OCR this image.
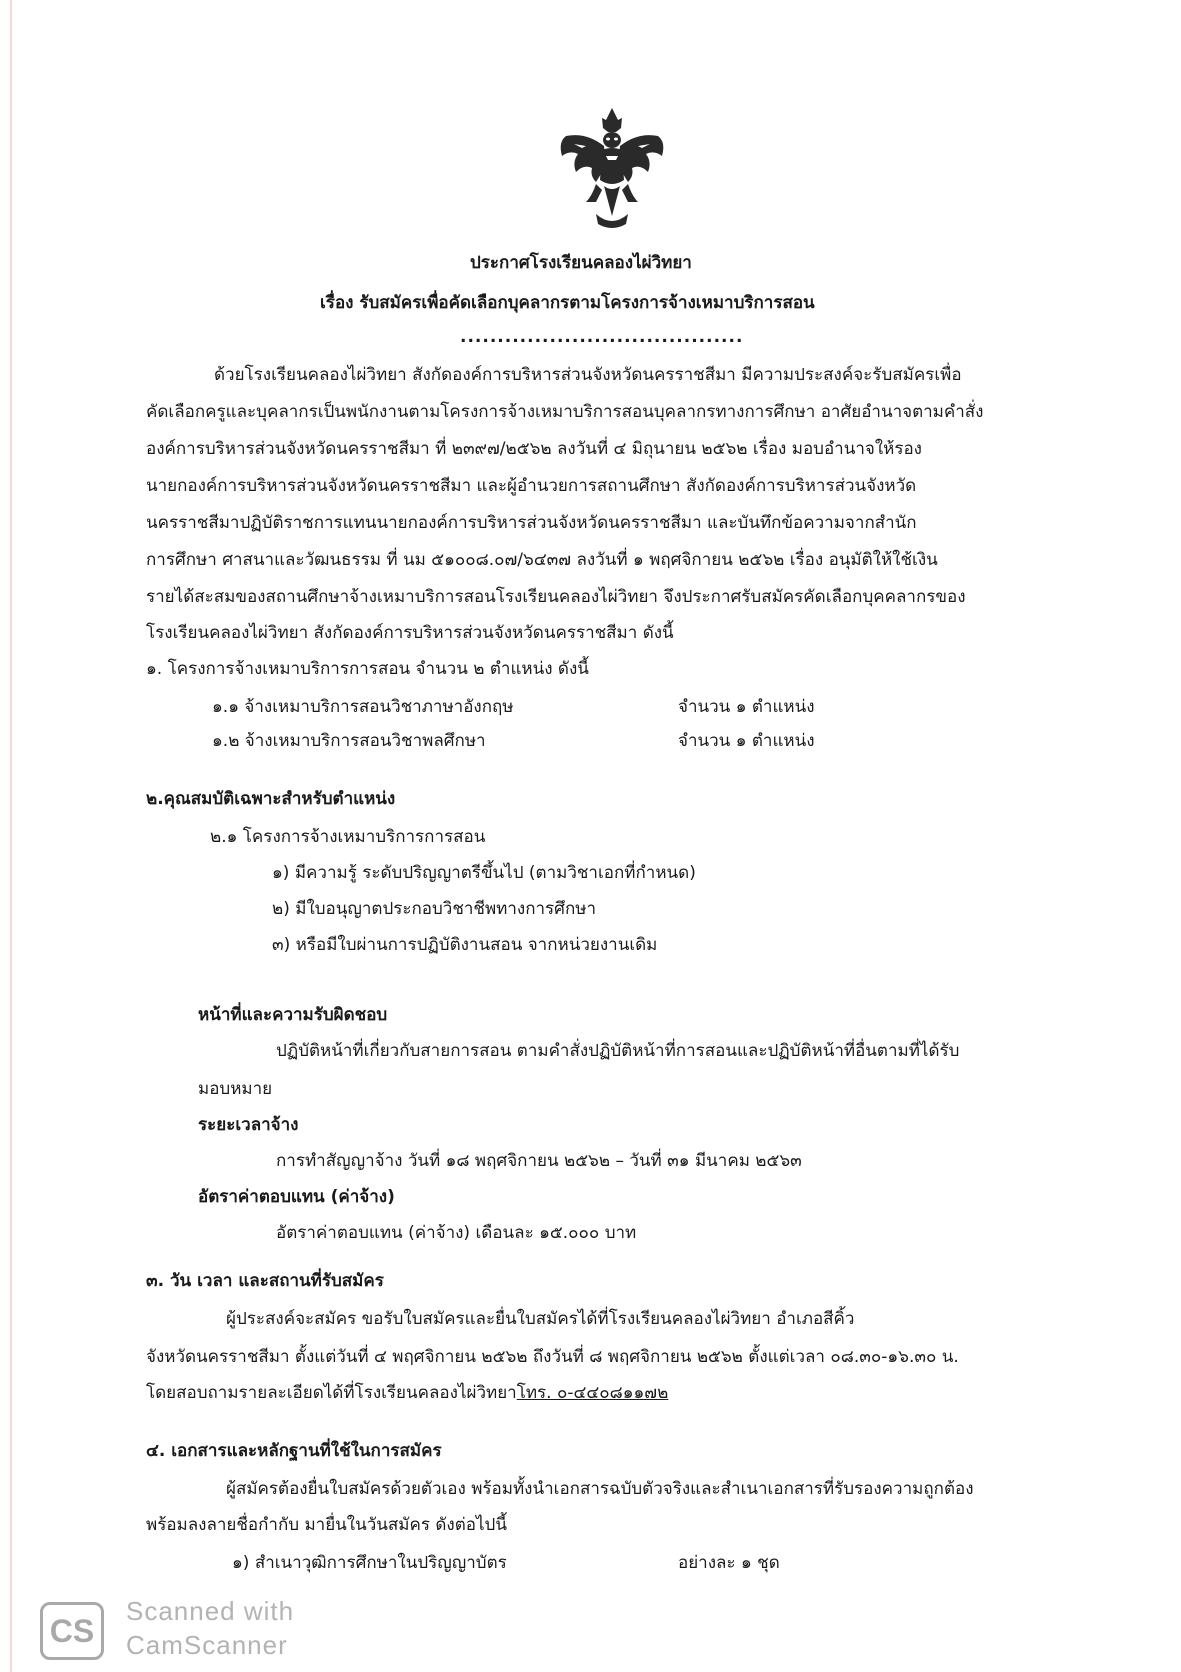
ประกาศโรงเรียนคลองไผ่วิทยา
เรื่อง รับสมัครเพื่อคัดเลือกบุคลากรตามโครงการจ้างเหมาบริการสอน
......................................
ด้วยโรงเรียนคลองไผ่วิทยา สังกัดองค์การบริหารส่วนจังหวัดนครราชสีมา มีความประสงค์จะรับสมัครเพื่อ
คัดเลือกครูและบุคลากรเป็นพนักงานตามโครงการจ้างเหมาบริการสอนบุคลากรทางการศึกษา อาศัยอำนาจตามคำสั่ง
องค์การบริหารส่วนจังหวัดนครราชสีมา ที่ ๒๓๙๗/๒๕๖๒ ลงวันที่ ๔ มิถุนายน ๒๕๖๒ เรื่อง มอบอำนาจให้รอง
นายกองค์การบริหารส่วนจังหวัดนครราชสีมา และผู้อำนวยการสถานศึกษา สังกัดองค์การบริหารส่วนจังหวัด
นครราชสีมาปฏิบัติราชการแทนนายกองค์การบริหารส่วนจังหวัดนครราชสีมา และบันทึกข้อความจากสำนัก
การศึกษา ศาสนาและวัฒนธรรม ที่ นม ๕๑๐๐๘.๐๗/๖๔๓๗ ลงวันที่ ๑ พฤศจิกายน ๒๕๖๒ เรื่อง อนุมัติให้ใช้เงิน
รายได้สะสมของสถานศึกษาจ้างเหมาบริการสอนโรงเรียนคลองไผ่วิทยา จึงประกาศรับสมัครคัดเลือกบุคคลากรของ
โรงเรียนคลองไผ่วิทยา สังกัดองค์การบริหารส่วนจังหวัดนครราชสีมา ดังนี้
๑. โครงการจ้างเหมาบริการการสอน จำนวน ๒ ตำแหน่ง ดังนี้
๑.๑ จ้างเหมาบริการสอนวิชาภาษาอังกฤษ	จำนวน ๑ ตำแหน่ง
๑.๒ จ้างเหมาบริการสอนวิชาพลศึกษา	จำนวน ๑ ตำแหน่ง
๒.คุณสมบัติเฉพาะสำหรับตำแหน่ง
๒.๑ โครงการจ้างเหมาบริการการสอน
๑) มีความรู้ ระดับปริญญาตรีขึ้นไป (ตามวิชาเอกที่กำหนด)
๒) มีใบอนุญาตประกอบวิชาชีพทางการศึกษา
๓) หรือมีใบผ่านการปฏิบัติงานสอน จากหน่วยงานเดิม
หน้าที่และความรับผิดชอบ
ปฏิบัติหน้าที่เกี่ยวกับสายการสอน ตามคำสั่งปฏิบัติหน้าที่การสอนและปฏิบัติหน้าที่อื่นตามที่ได้รับ
มอบหมาย
ระยะเวลาจ้าง
การทำสัญญาจ้าง วันที่ ๑๘ พฤศจิกายน ๒๕๖๒ – วันที่ ๓๑ มีนาคม ๒๕๖๓
อัตราค่าตอบแทน (ค่าจ้าง)
อัตราค่าตอบแทน (ค่าจ้าง) เดือนละ ๑๕.๐๐๐ บาท
๓. วัน เวลา และสถานที่รับสมัคร
ผู้ประสงค์จะสมัคร ขอรับใบสมัครและยื่นใบสมัครได้ที่โรงเรียนคลองไผ่วิทยา อำเภอสีคิ้ว
จังหวัดนครราชสีมา ตั้งแต่วันที่ ๔ พฤศจิกายน ๒๕๖๒ ถึงวันที่ ๘ พฤศจิกายน ๒๕๖๒ ตั้งแต่เวลา ๐๘.๓๐-๑๖.๓๐ น.
โดยสอบถามรายละเอียดได้ที่โรงเรียนคลองไผ่วิทยาโทร. ๐-๔๔๐๘๑๑๗๒
๔. เอกสารและหลักฐานที่ใช้ในการสมัคร
ผู้สมัครต้องยื่นใบสมัครด้วยตัวเอง พร้อมทั้งนำเอกสารฉบับตัวจริงและสำเนาเอกสารที่รับรองความถูกต้อง
พร้อมลงลายชื่อกำกับ มายื่นในวันสมัคร ดังต่อไปนี้
๑) สำเนาวุฒิการศึกษาในปริญญาบัตร	อย่างละ ๑ ชุด
CS
Scanned with
CamScanner
